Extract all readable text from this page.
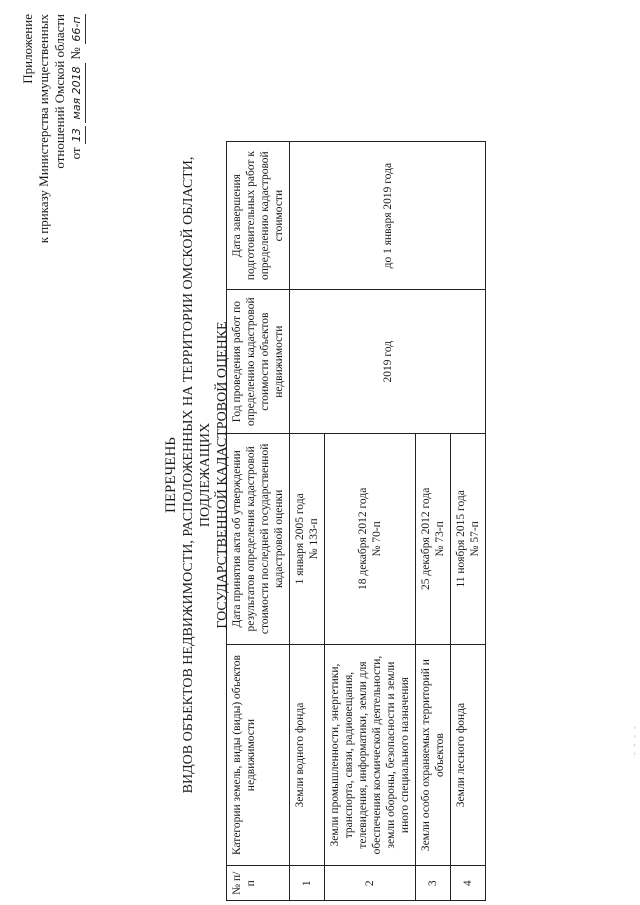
Приложение к приказу Министерства имущественных отношений Омской области от 13 мая 2018 № 66-п
ПЕРЕЧЕНЬ ВИДОВ ОБЪЕКТОВ НЕДВИЖИМОСТИ, РАСПОЛОЖЕННЫХ НА ТЕРРИТОРИИ ОМСКОЙ ОБЛАСТИ, ПОДЛЕЖАЩИХ ГОСУДАРСТВЕННОЙ КАДАСТРОВОЙ ОЦЕНКЕ
№ п/п	Категории земель, виды (виды) объектов недвижимости	Дата принятия акта об утверждении результатов определения кадастровой стоимости последней государственной кадастровой оценки	Год проведения работ по определению кадастровой стоимости объектов недвижимости	Дата завершения подготовительных работ к определению кадастровой стоимости
1	Земли водного фонда	1 января 2005 года № 133-п	2019 год	до 1 января 2019 года
2	Земли промышленности, энергетики, транспорта, связи, радиовещания, телевидения, информатики, земли для обеспечения космической деятельности, земли обороны, безопасности и земли иного специального назначения	18 декабря 2012 года № 70-п		

3	Земли особо охраняемых территорий и объектов	25 декабря 2012 года № 73-п		

4	Земли лесного фонда	11 ноября 2015 года № 57-п		
- - - -
